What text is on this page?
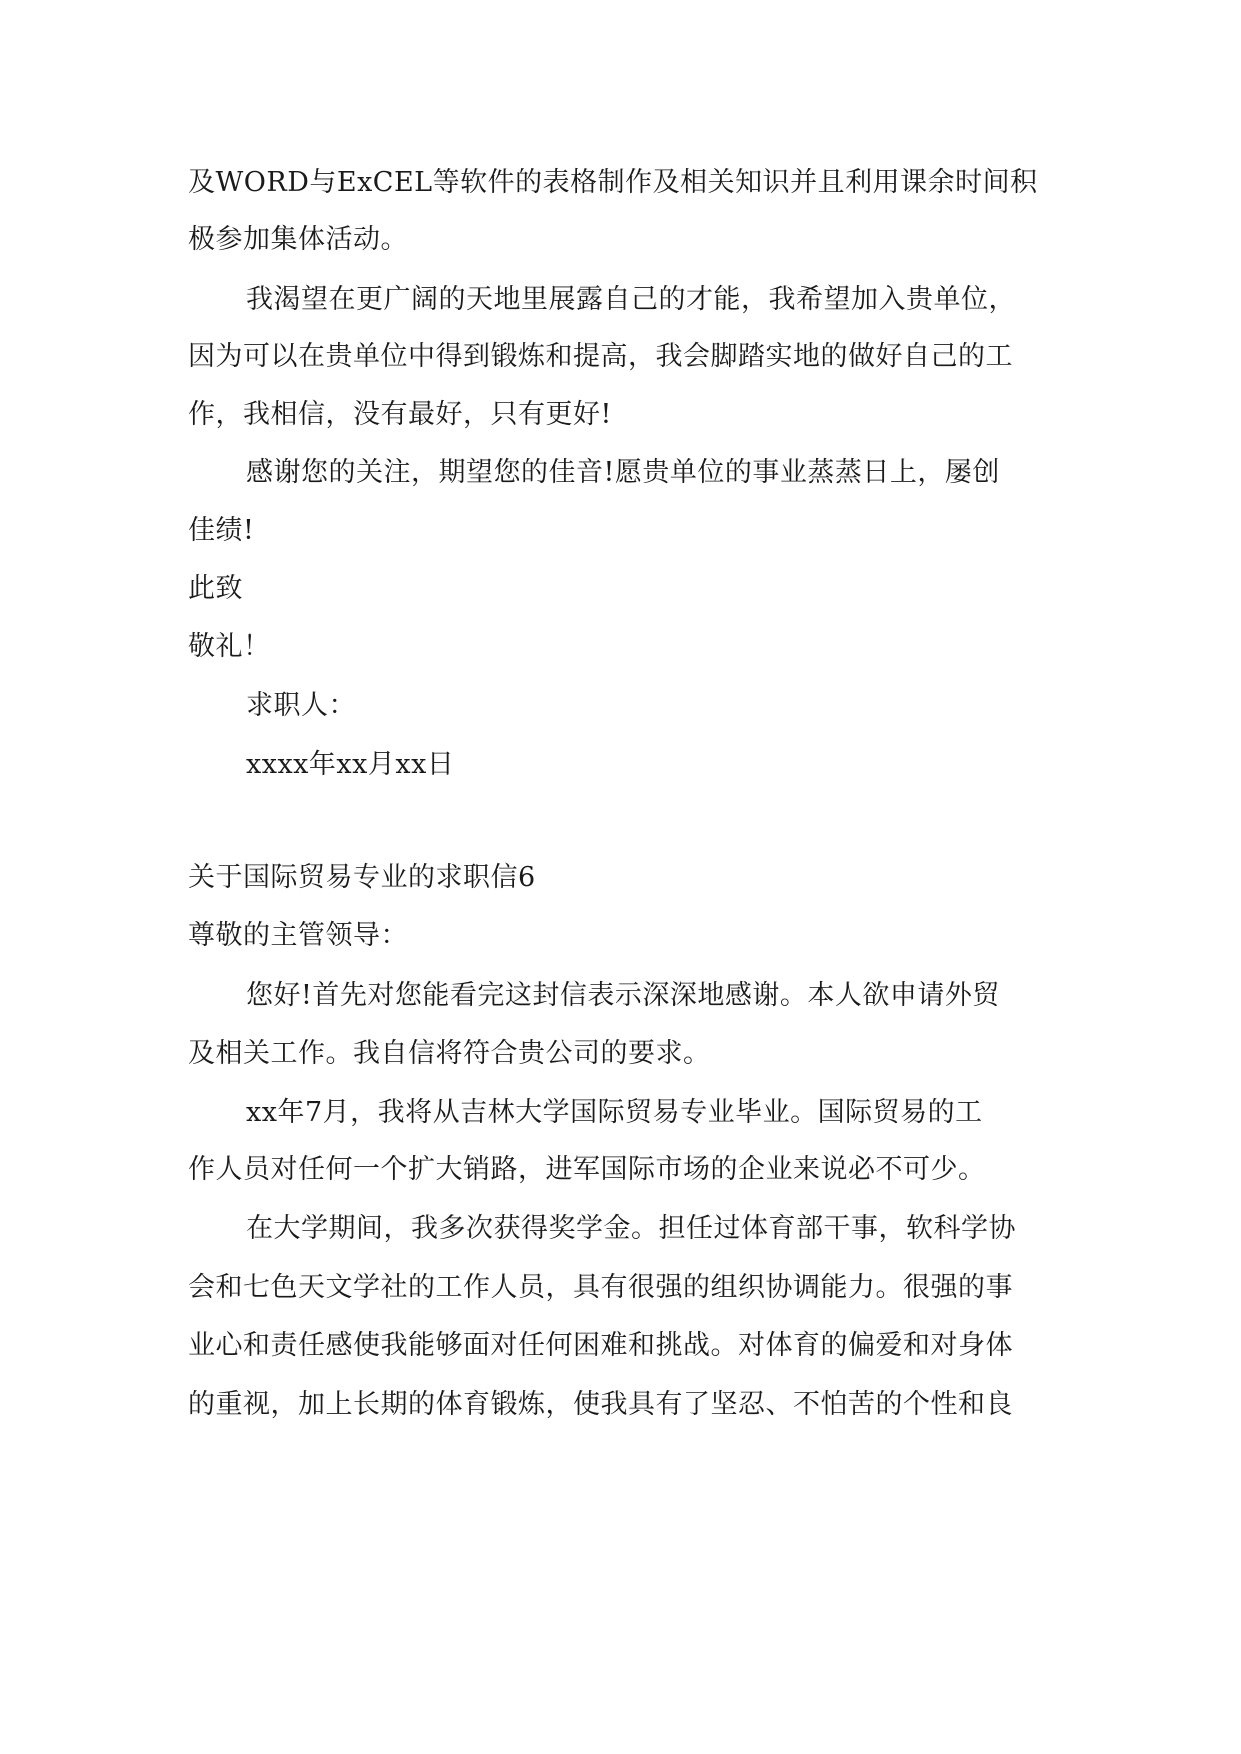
及WORD与ExCEL等软件的表格制作及相关知识并且利用课余时间积
极参加集体活动。
我渴望在更广阔的天地里展露自己的才能，我希望加入贵单位，
因为可以在贵单位中得到锻炼和提高，我会脚踏实地的做好自己的工
作，我相信，没有最好，只有更好!
感谢您的关注，期望您的佳音!愿贵单位的事业蒸蒸日上，屡创
佳绩!
此致
敬礼！
求职人：
xxxx年xx月xx日
关于国际贸易专业的求职信6
尊敬的主管领导：
您好!首先对您能看完这封信表示深深地感谢。本人欲申请外贸
及相关工作。我自信将符合贵公司的要求。
xx年7月，我将从吉林大学国际贸易专业毕业。国际贸易的工
作人员对任何一个扩大销路，进军国际市场的企业来说必不可少。
在大学期间，我多次获得奖学金。担任过体育部干事，软科学协
会和七色天文学社的工作人员，具有很强的组织协调能力。很强的事
业心和责任感使我能够面对任何困难和挑战。对体育的偏爱和对身体
的重视，加上长期的体育锻炼，使我具有了坚忍、不怕苦的个性和良
